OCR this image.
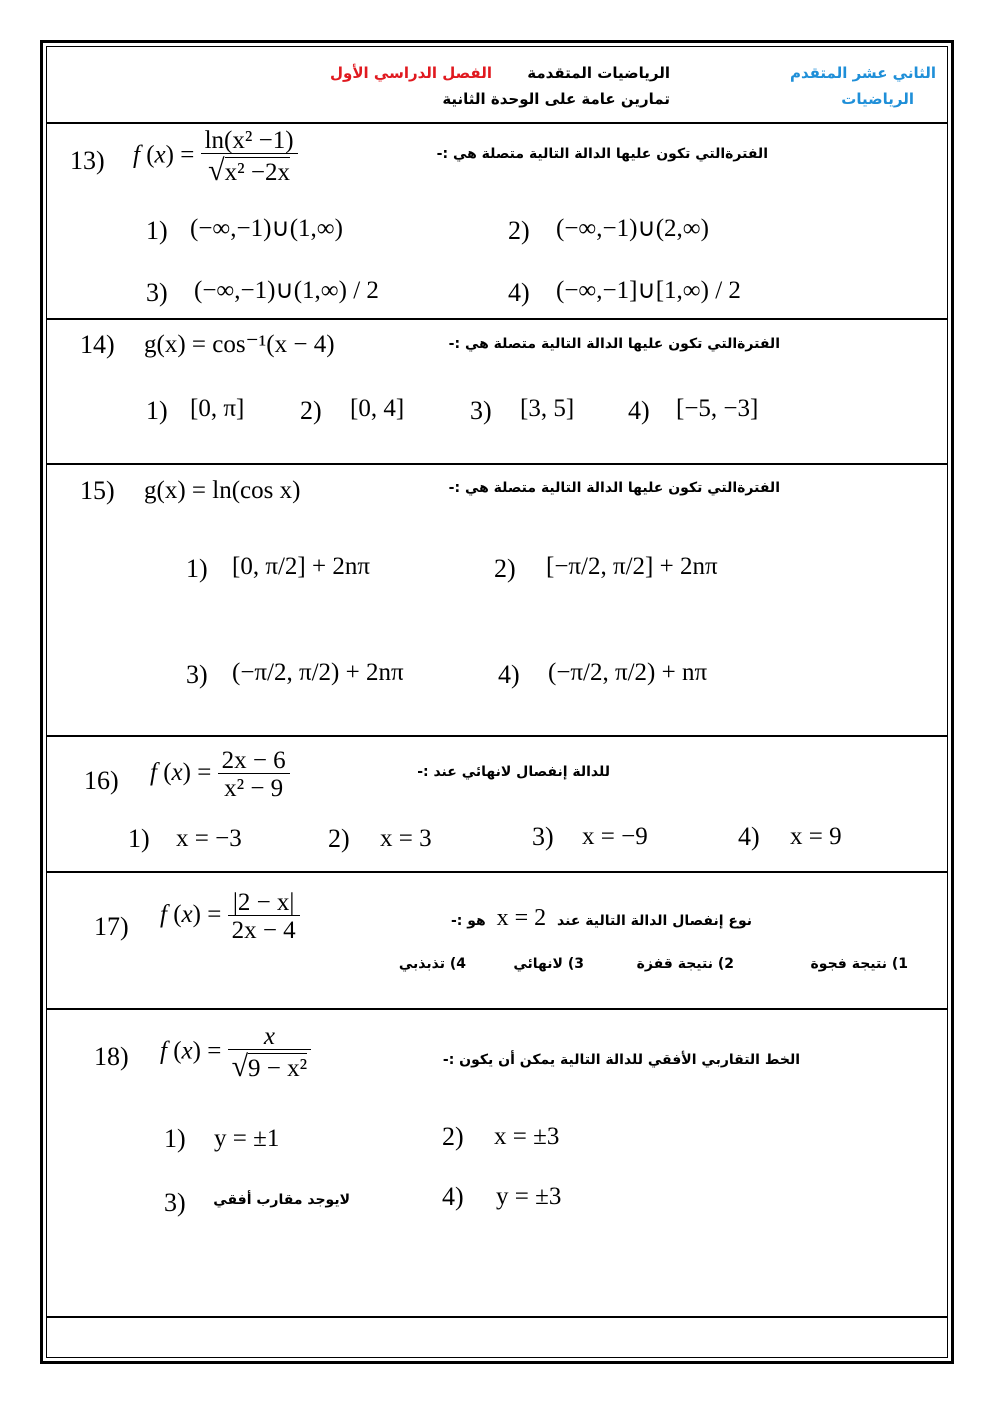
الثاني عشر المتقدم
الرياضيات
الرياضيات المتقدمة
الفصل الدراسي الأول
تمارين عامة على الوحدة الثانية
13) f $(x) = \frac{\text{ln(x² −1)}}{\text{√x² −2x}}$	الفترةالتي تكون عليها الدالة التالية متصلة هي :-
1) (−∞,−1)∪(1,∞)	2) (−∞,−1)∪(2,∞)
3) (−∞,−1)∪(1,∞) / 2	4) (−∞,−1]∪[1,∞) / 2
14) g(x) = cos⁻¹(x − 4)	الفترةالتي تكون عليها الدالة التالية متصلة هي :-
1) [0, π] 2) [0, 4]	3) [3, 5] 4) [−5, −3]
15) g(x) = ln(cos x)	الفترةالتي تكون عليها الدالة التالية متصلة هي :-
1) [0, π/2] + 2nπ	2) [−π/2, π/2] + 2nπ
3) (−π/2, π/2) + 2nπ	4) (−π/2, π/2) + nπ
16) f $(x) = \frac{2x - 6}{\text{x² − 9}}$	للدالة إنفصال لانهائي عند :-
1) x = −3	2) x = 3	3) x = −9	4) x = 9
17) f $(x) = \frac{|2 - x|}{2x - 4}$	نوع إنفصال الدالة التالية عند x = 2 هو :-
1) نتيجة فجوة
2) نتيجة قفزة
3) لانهائي
4) تذبذبي
18) f $(x) = \frac{x}{\text{√9 − x²}}$	الخط التقاربي الأفقي للدالة التالية يمكن أن يكون :-
1) y = ±1	2) x = ±3
3) لايوجد مقارب أفقي	4) y = ±3
